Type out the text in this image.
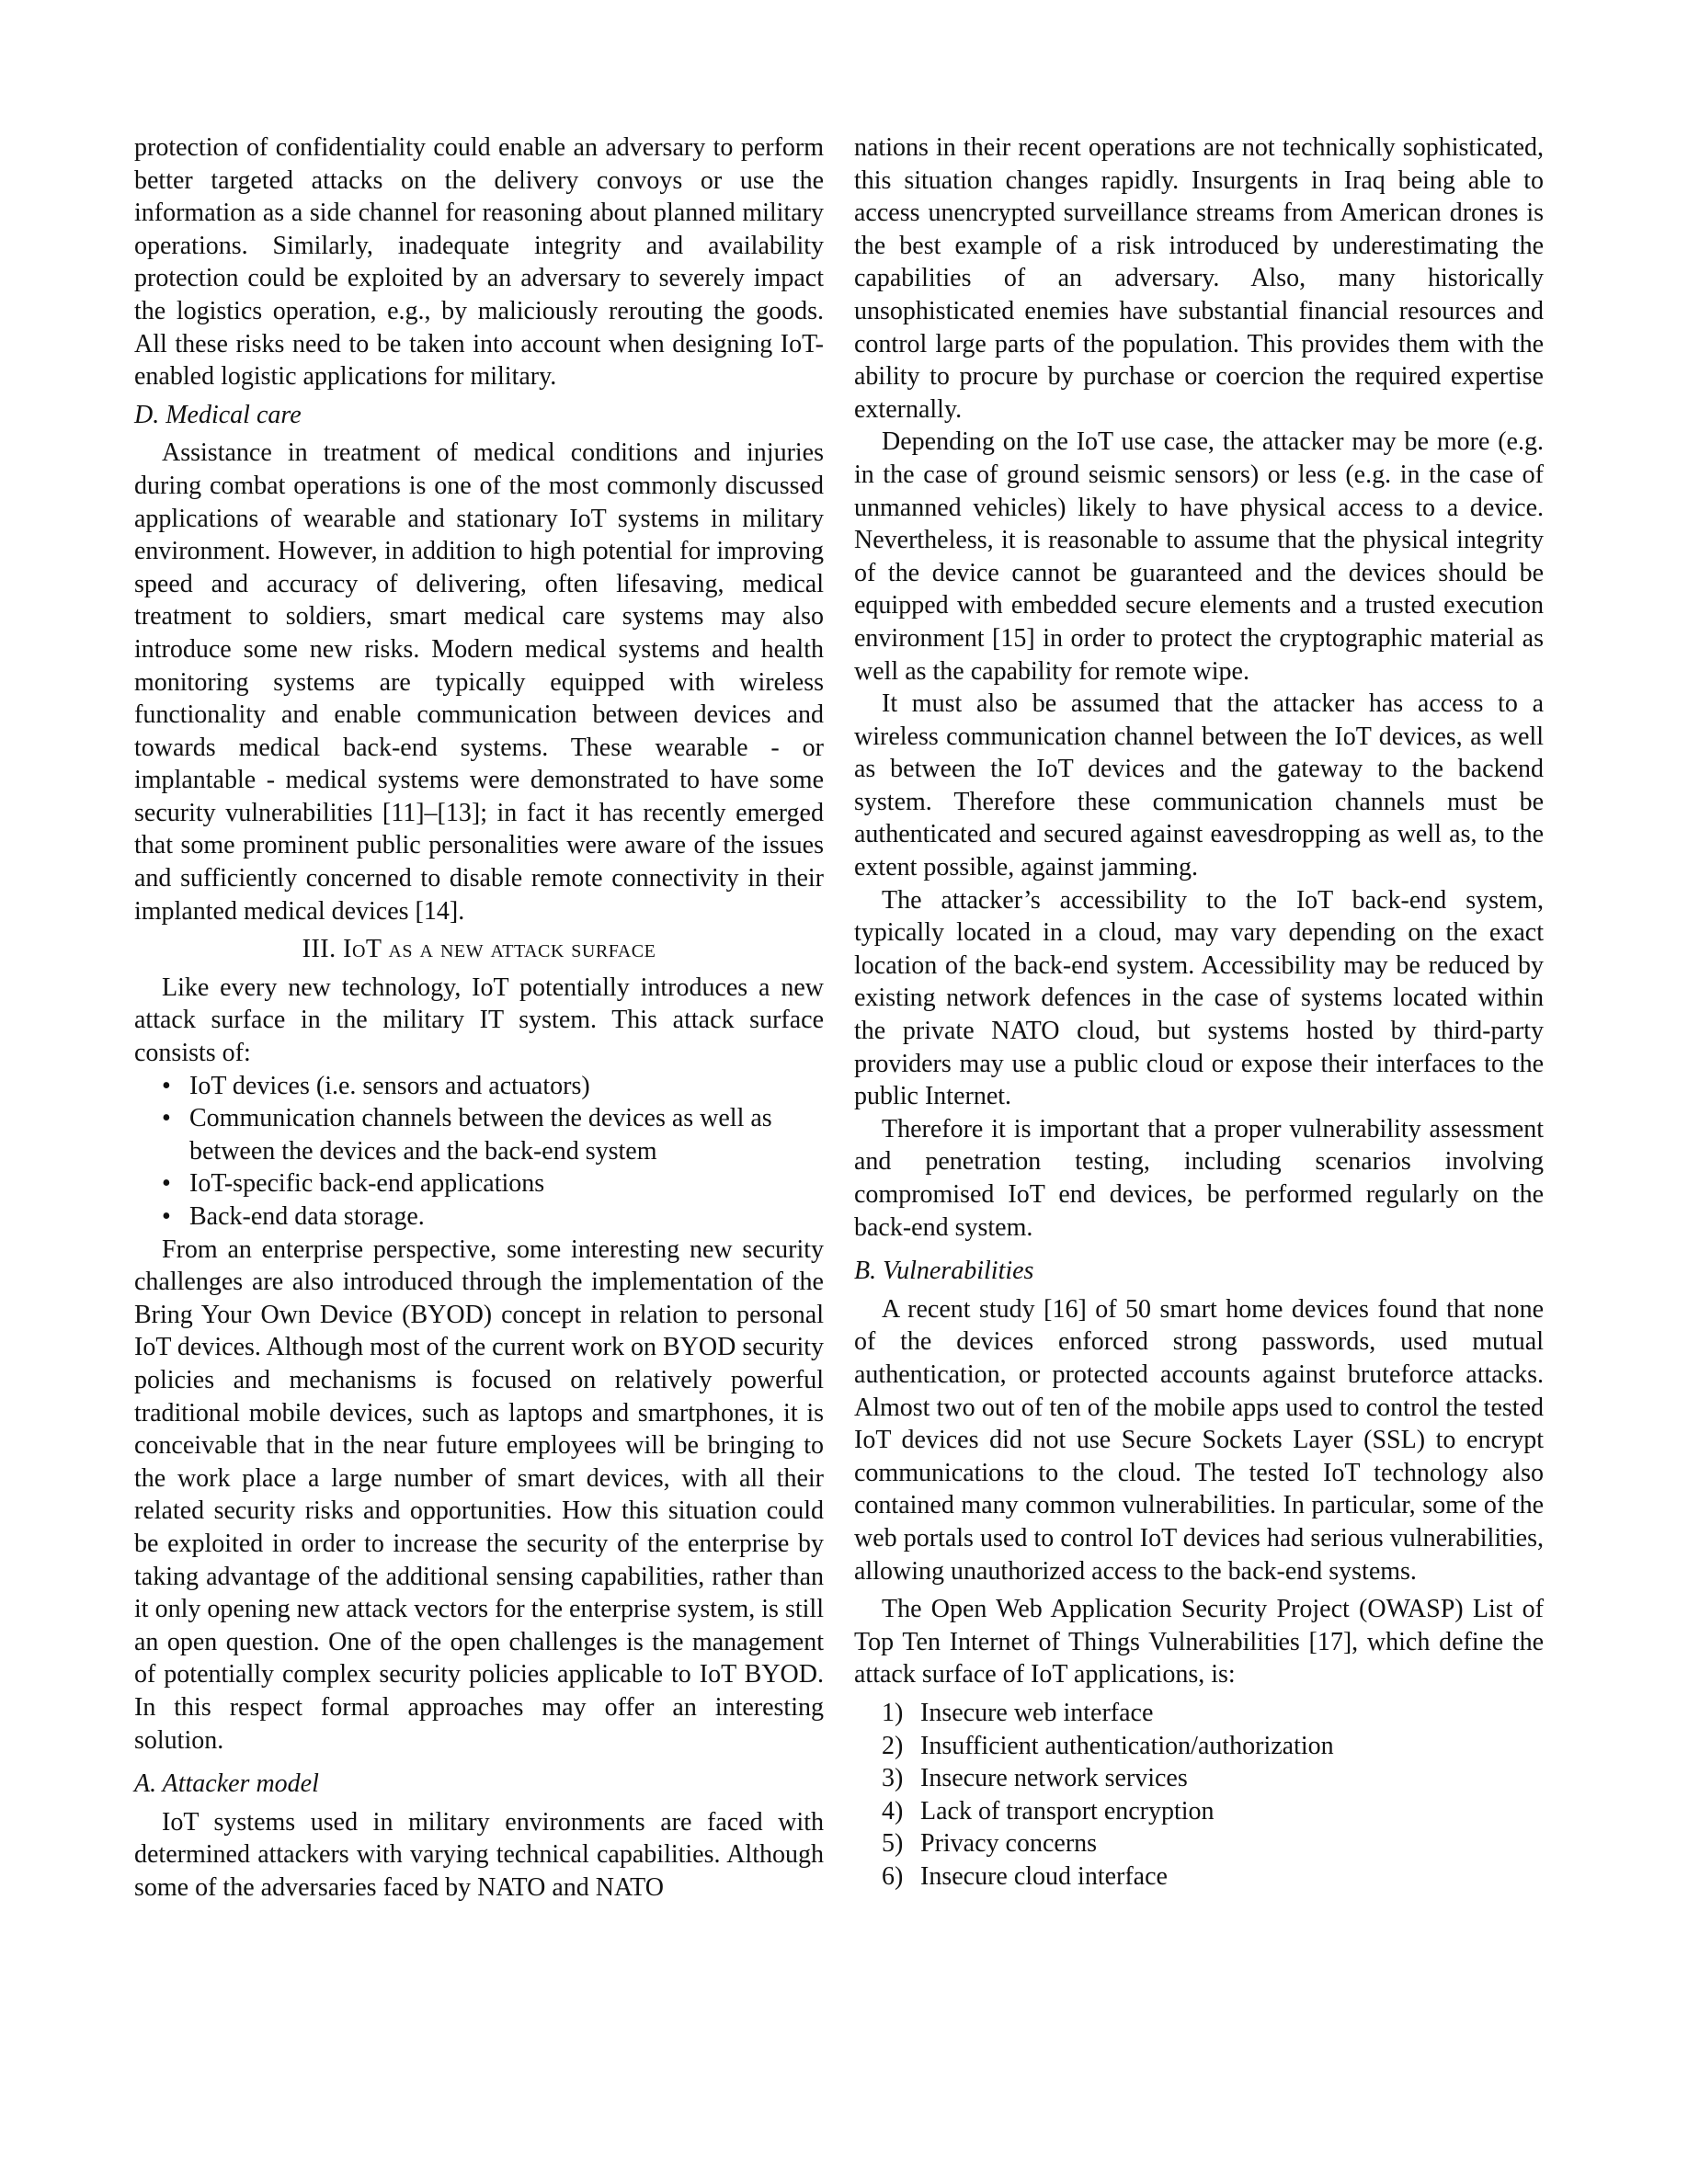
protection of confidentiality could enable an adversary to perform better targeted attacks on the delivery convoys or use the information as a side channel for reasoning about planned military operations. Similarly, inadequate integrity and availability protection could be exploited by an adversary to severely impact the logistics operation, e.g., by maliciously rerouting the goods. All these risks need to be taken into account when designing IoT-enabled logistic applications for military.

D. Medical care

Assistance in treatment of medical conditions and injuries during combat operations is one of the most commonly discussed applications of wearable and stationary IoT systems in military environment. However, in addition to high potential for improving speed and accuracy of delivering, often lifesaving, medical treatment to soldiers, smart medical care systems may also introduce some new risks. Modern medical systems and health monitoring systems are typically equipped with wireless functionality and enable communication between devices and towards medical back-end systems. These wearable - or implantable - medical systems were demonstrated to have some security vulnerabilities [11]–[13]; in fact it has recently emerged that some prominent public personalities were aware of the issues and sufficiently concerned to disable remote connectivity in their implanted medical devices [14].

III. IoT as a new attack surface

Like every new technology, IoT potentially introduces a new attack surface in the military IT system. This attack surface consists of:

• IoT devices (i.e. sensors and actuators)
• Communication channels between the devices as well as between the devices and the back-end system
• IoT-specific back-end applications
• Back-end data storage.

From an enterprise perspective, some interesting new security challenges are also introduced through the implementation of the Bring Your Own Device (BYOD) concept in relation to personal IoT devices. Although most of the current work on BYOD security policies and mechanisms is focused on relatively powerful traditional mobile devices, such as laptops and smartphones, it is conceivable that in the near future employees will be bringing to the work place a large number of smart devices, with all their related security risks and opportunities. How this situation could be exploited in order to increase the security of the enterprise by taking advantage of the additional sensing capabilities, rather than it only opening new attack vectors for the enterprise system, is still an open question. One of the open challenges is the management of potentially complex security policies applicable to IoT BYOD. In this respect formal approaches may offer an interesting solution.

A. Attacker model

IoT systems used in military environments are faced with determined attackers with varying technical capabilities. Although some of the adversaries faced by NATO and NATO

nations in their recent operations are not technically sophisticated, this situation changes rapidly. Insurgents in Iraq being able to access unencrypted surveillance streams from American drones is the best example of a risk introduced by underestimating the capabilities of an adversary. Also, many historically unsophisticated enemies have substantial financial resources and control large parts of the population. This provides them with the ability to procure by purchase or coercion the required expertise externally.

Depending on the IoT use case, the attacker may be more (e.g. in the case of ground seismic sensors) or less (e.g. in the case of unmanned vehicles) likely to have physical access to a device. Nevertheless, it is reasonable to assume that the physical integrity of the device cannot be guaranteed and the devices should be equipped with embedded secure elements and a trusted execution environment [15] in order to protect the cryptographic material as well as the capability for remote wipe.

It must also be assumed that the attacker has access to a wireless communication channel between the IoT devices, as well as between the IoT devices and the gateway to the backend system. Therefore these communication channels must be authenticated and secured against eavesdropping as well as, to the extent possible, against jamming.

The attacker’s accessibility to the IoT back-end system, typically located in a cloud, may vary depending on the exact location of the back-end system. Accessibility may be reduced by existing network defences in the case of systems located within the private NATO cloud, but systems hosted by third-party providers may use a public cloud or expose their interfaces to the public Internet.

Therefore it is important that a proper vulnerability assessment and penetration testing, including scenarios involving compromised IoT end devices, be performed regularly on the back-end system.

B. Vulnerabilities

A recent study [16] of 50 smart home devices found that none of the devices enforced strong passwords, used mutual authentication, or protected accounts against bruteforce attacks. Almost two out of ten of the mobile apps used to control the tested IoT devices did not use Secure Sockets Layer (SSL) to encrypt communications to the cloud. The tested IoT technology also contained many common vulnerabilities. In particular, some of the web portals used to control IoT devices had serious vulnerabilities, allowing unauthorized access to the back-end systems.

The Open Web Application Security Project (OWASP) List of Top Ten Internet of Things Vulnerabilities [17], which define the attack surface of IoT applications, is:

1) Insecure web interface
2) Insufficient authentication/authorization
3) Insecure network services
4) Lack of transport encryption
5) Privacy concerns
6) Insecure cloud interface
